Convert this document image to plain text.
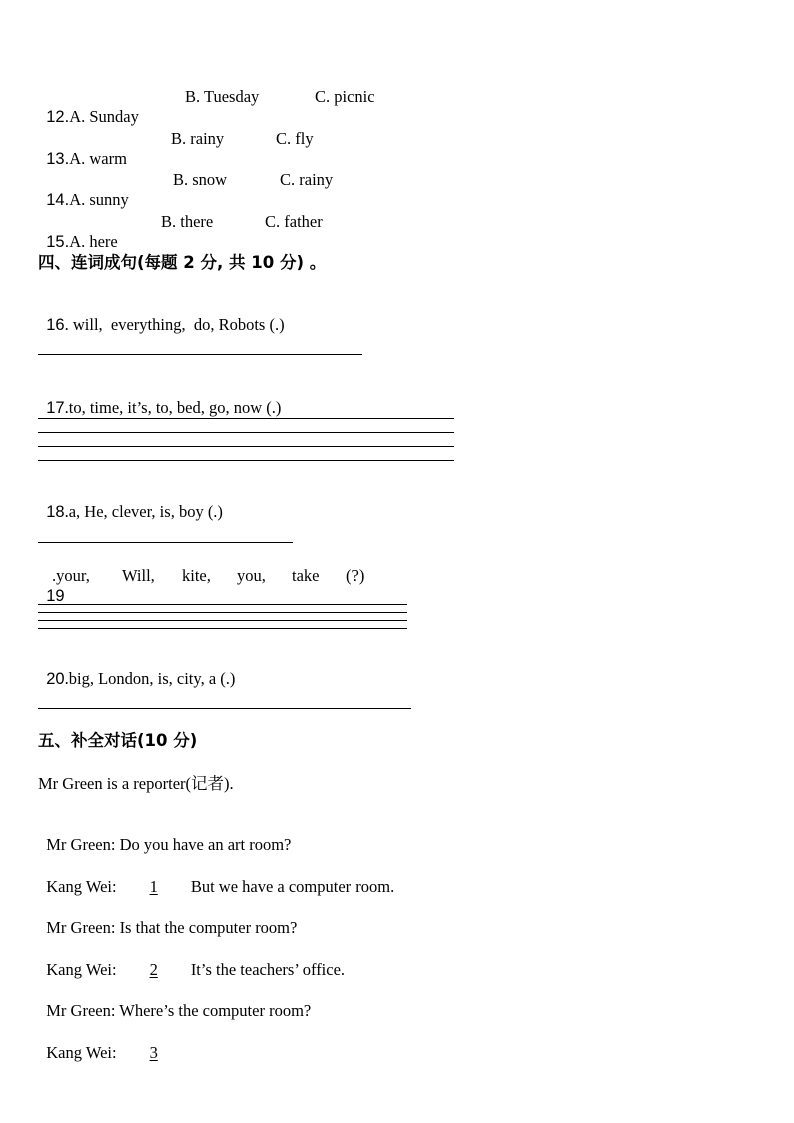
12.A. Sunday

B. Tuesday

	C. picnic

13.A. warm

B. rainy

	C. fly

14.A. sunny

B. snow

	C. rainy

15.A. here

B. there

	C. father

四、连词成句(每题 2 分, 共 10 分) 。

16. will,  everything,  do, Robots (.)

17.to, time, it’s, to, bed, go, now (.)

18.a, He, clever, is, boy (.)

19

.your,

Will,

kite,

you,

take

(?)

20.big, London, is, city, a (.)

五、补全对话(10 分)
Mr Green is a reporter(记者).

Mr Green: Do you have an art room?

Kang Wei: 1 But we have a computer room.

Mr Green: Is that the computer room?

Kang Wei: 2 It’s the teachers’ office.

Mr Green: Where’s the computer room?

Kang Wei: 3
